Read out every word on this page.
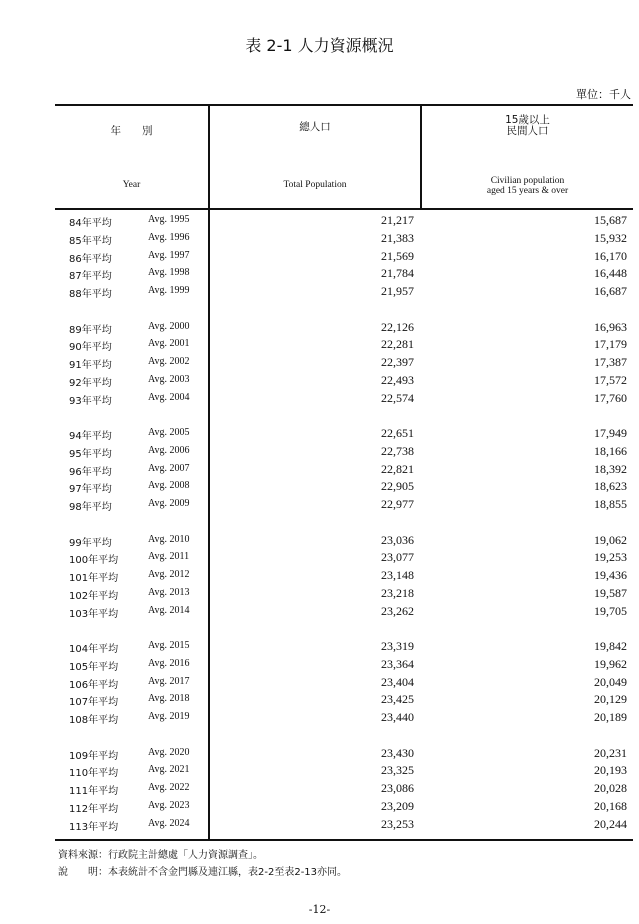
表 2-1 人力資源概況
單位：千人
年　　別
Year
總人口
Total Population
15歲以上
民間人口
Civilian population
aged 15 years & over
84年平均	Avg. 1995	21,217	15,687
85年平均	Avg. 1996	21,383	15,932
86年平均	Avg. 1997	21,569	16,170
87年平均	Avg. 1998	21,784	16,448
88年平均	Avg. 1999	21,957	16,687
89年平均	Avg. 2000	22,126	16,963
90年平均	Avg. 2001	22,281	17,179
91年平均	Avg. 2002	22,397	17,387
92年平均	Avg. 2003	22,493	17,572
93年平均	Avg. 2004	22,574	17,760
94年平均	Avg. 2005	22,651	17,949
95年平均	Avg. 2006	22,738	18,166
96年平均	Avg. 2007	22,821	18,392
97年平均	Avg. 2008	22,905	18,623
98年平均	Avg. 2009	22,977	18,855
99年平均	Avg. 2010	23,036	19,062
100年平均	Avg. 2011	23,077	19,253
101年平均	Avg. 2012	23,148	19,436
102年平均	Avg. 2013	23,218	19,587
103年平均	Avg. 2014	23,262	19,705
104年平均	Avg. 2015	23,319	19,842
105年平均	Avg. 2016	23,364	19,962
106年平均	Avg. 2017	23,404	20,049
107年平均	Avg. 2018	23,425	20,129
108年平均	Avg. 2019	23,440	20,189
109年平均	Avg. 2020	23,430	20,231
110年平均	Avg. 2021	23,325	20,193
111年平均	Avg. 2022	23,086	20,028
112年平均	Avg. 2023	23,209	20,168
113年平均	Avg. 2024	23,253	20,244
資料來源：行政院主計總處「人力資源調查」。
說　　明：本表統計不含金門縣及連江縣，表2-2至表2-13亦同。
-12-
